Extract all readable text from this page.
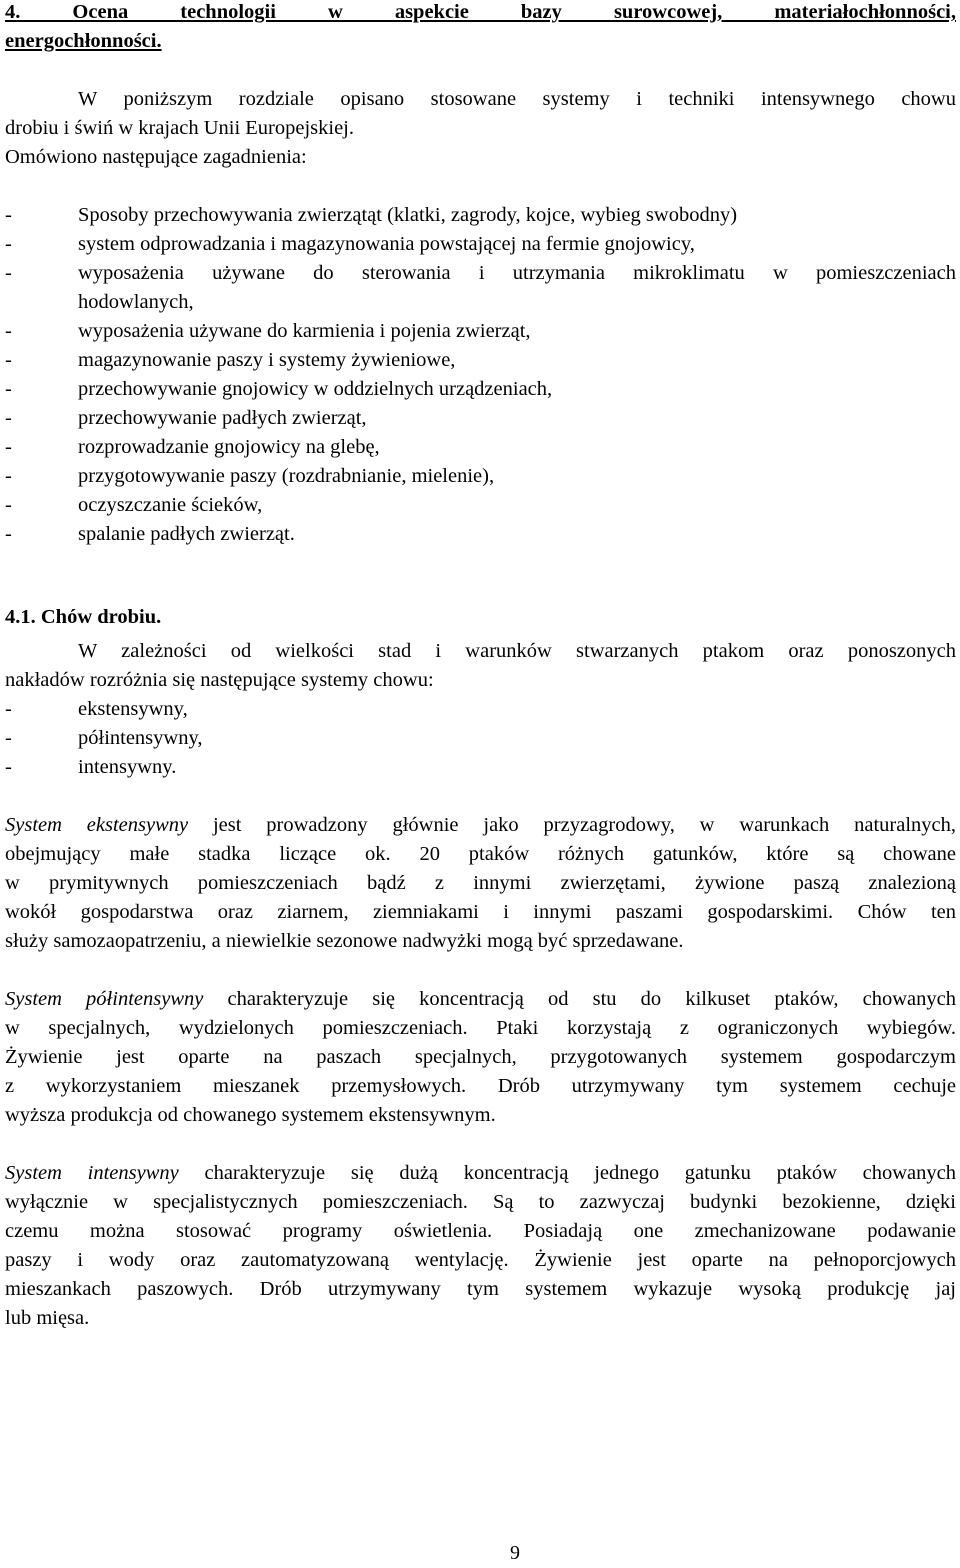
4. Ocena technologii w aspekcie bazy surowcowej, materiałochłonności,
energochłonności.
W poniższym rozdziale opisano stosowane systemy i techniki intensywnego chowu
drobiu i świń w krajach Unii Europejskiej.
Omówiono następujące zagadnienia:
-	Sposoby przechowywania zwierzątąt (klatki, zagrody, kojce, wybieg swobodny)
-	system odprowadzania i magazynowania powstającej na fermie gnojowicy,
-	wyposażenia używane do sterowania i utrzymania mikroklimatu w pomieszczeniach
hodowlanych,
-	wyposażenia używane do karmienia i pojenia zwierząt,
-	magazynowanie paszy i systemy żywieniowe,
-	przechowywanie gnojowicy w oddzielnych urządzeniach,
-	przechowywanie padłych zwierząt,
-	rozprowadzanie gnojowicy na glebę,
-	przygotowywanie paszy (rozdrabnianie, mielenie),
-	oczyszczanie ścieków,
-	spalanie padłych zwierząt.
4.1. Chów drobiu.
W zależności od wielkości stad i warunków stwarzanych ptakom oraz ponoszonych
nakładów rozróżnia się następujące systemy chowu:
-	ekstensywny,
-	półintensywny,
-	intensywny.
System ekstensywny jest prowadzony głównie jako przyzagrodowy, w warunkach naturalnych,
obejmujący małe stadka liczące ok. 20 ptaków różnych gatunków, które są chowane
w prymitywnych pomieszczeniach bądź z innymi zwierzętami, żywione paszą znalezioną
wokół gospodarstwa oraz ziarnem, ziemniakami i innymi paszami gospodarskimi. Chów ten
służy samozaopatrzeniu, a niewielkie sezonowe nadwyżki mogą być sprzedawane.
System półintensywny charakteryzuje się koncentracją od stu do kilkuset ptaków, chowanych
w specjalnych, wydzielonych pomieszczeniach. Ptaki korzystają z ograniczonych wybiegów.
Żywienie jest oparte na paszach specjalnych, przygotowanych systemem gospodarczym
z wykorzystaniem mieszanek przemysłowych. Drób utrzymywany tym systemem cechuje
wyższa produkcja od chowanego systemem ekstensywnym.
System intensywny charakteryzuje się dużą koncentracją jednego gatunku ptaków chowanych
wyłącznie w specjalistycznych pomieszczeniach. Są to zazwyczaj budynki bezokienne, dzięki
czemu można stosować programy oświetlenia. Posiadają one zmechanizowane podawanie
paszy i wody oraz zautomatyzowaną wentylację. Żywienie jest oparte na pełnoporcjowych
mieszankach paszowych. Drób utrzymywany tym systemem wykazuje wysoką produkcję jaj
lub mięsa.
9
